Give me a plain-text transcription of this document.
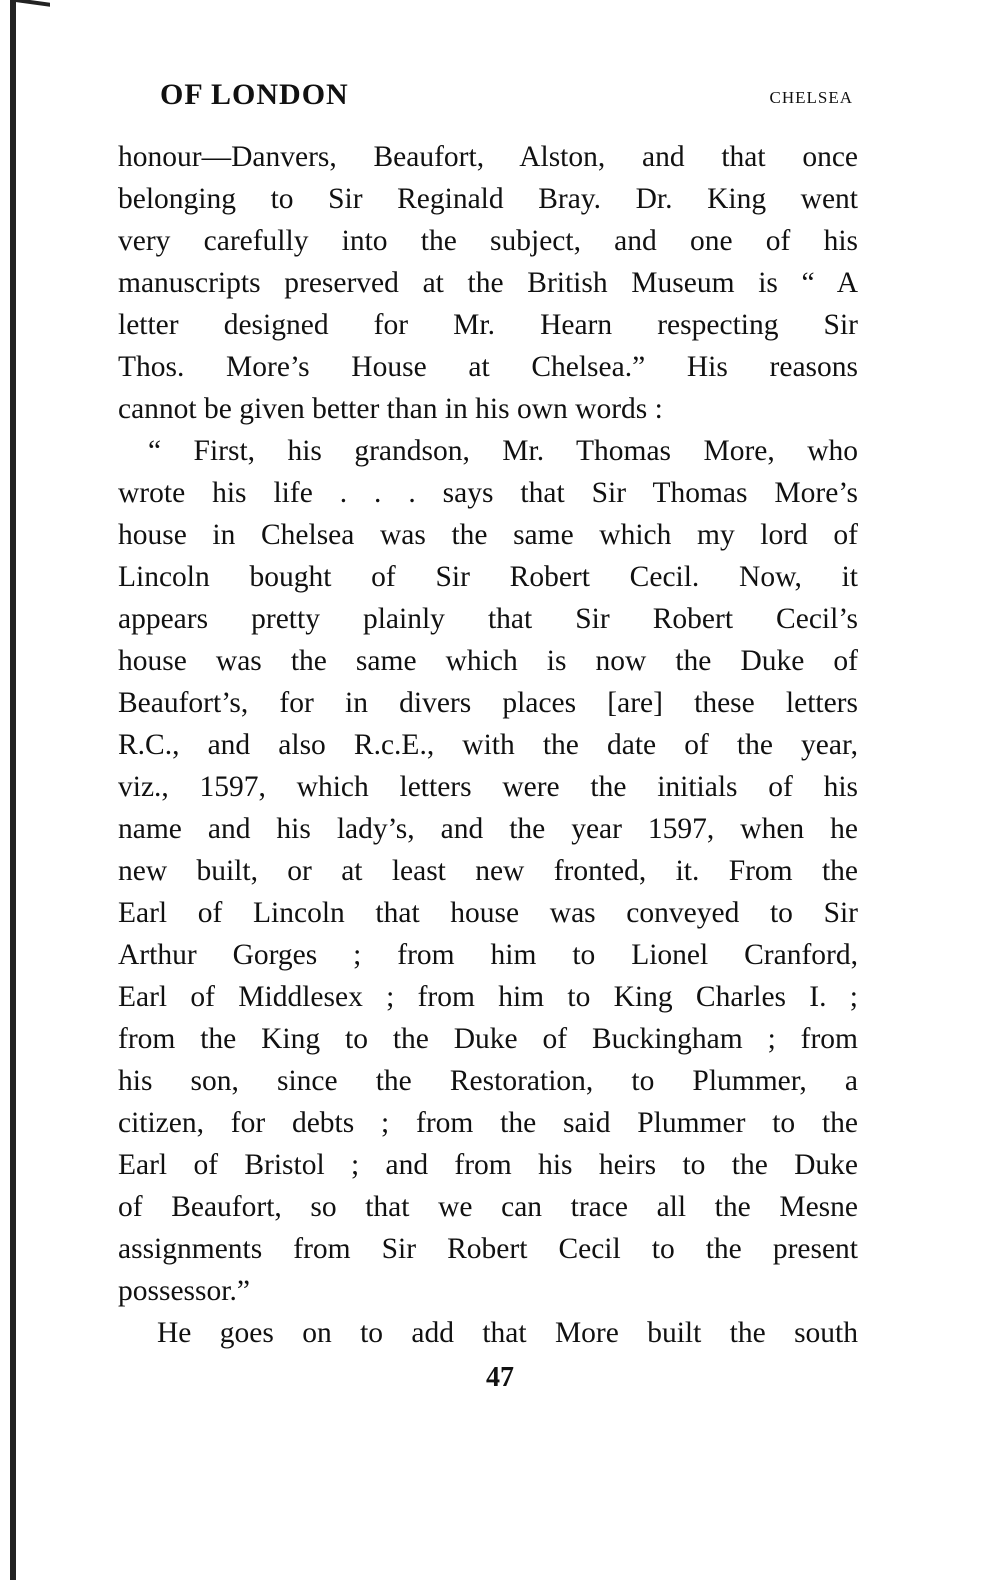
OF LONDON	CHELSEA
honour—Danvers, Beaufort, Alston, and that once
belonging to Sir Reginald Bray. Dr. King went
very carefully into the subject, and one of his
manuscripts preserved at the British Museum is “ A
letter designed for Mr. Hearn respecting Sir
Thos. More’s House at Chelsea.” His reasons
cannot be given better than in his own words :
“ First, his grandson, Mr. Thomas More, who
wrote his life . . . says that Sir Thomas More’s
house in Chelsea was the same which my lord of
Lincoln bought of Sir Robert Cecil. Now, it
appears pretty plainly that Sir Robert Cecil’s
house was the same which is now the Duke of
Beaufort’s, for in divers places [are] these letters
R.C., and also R.c.E., with the date of the year,
viz., 1597, which letters were the initials of his
name and his lady’s, and the year 1597, when he
new built, or at least new fronted, it. From the
Earl of Lincoln that house was conveyed to Sir
Arthur Gorges ; from him to Lionel Cranford,
Earl of Middlesex ; from him to King Charles I. ;
from the King to the Duke of Buckingham ; from
his son, since the Restoration, to Plummer, a
citizen, for debts ; from the said Plummer to the
Earl of Bristol ; and from his heirs to the Duke
of Beaufort, so that we can trace all the Mesne
assignments from Sir Robert Cecil to the present
possessor.”
He goes on to add that More built the south
47
